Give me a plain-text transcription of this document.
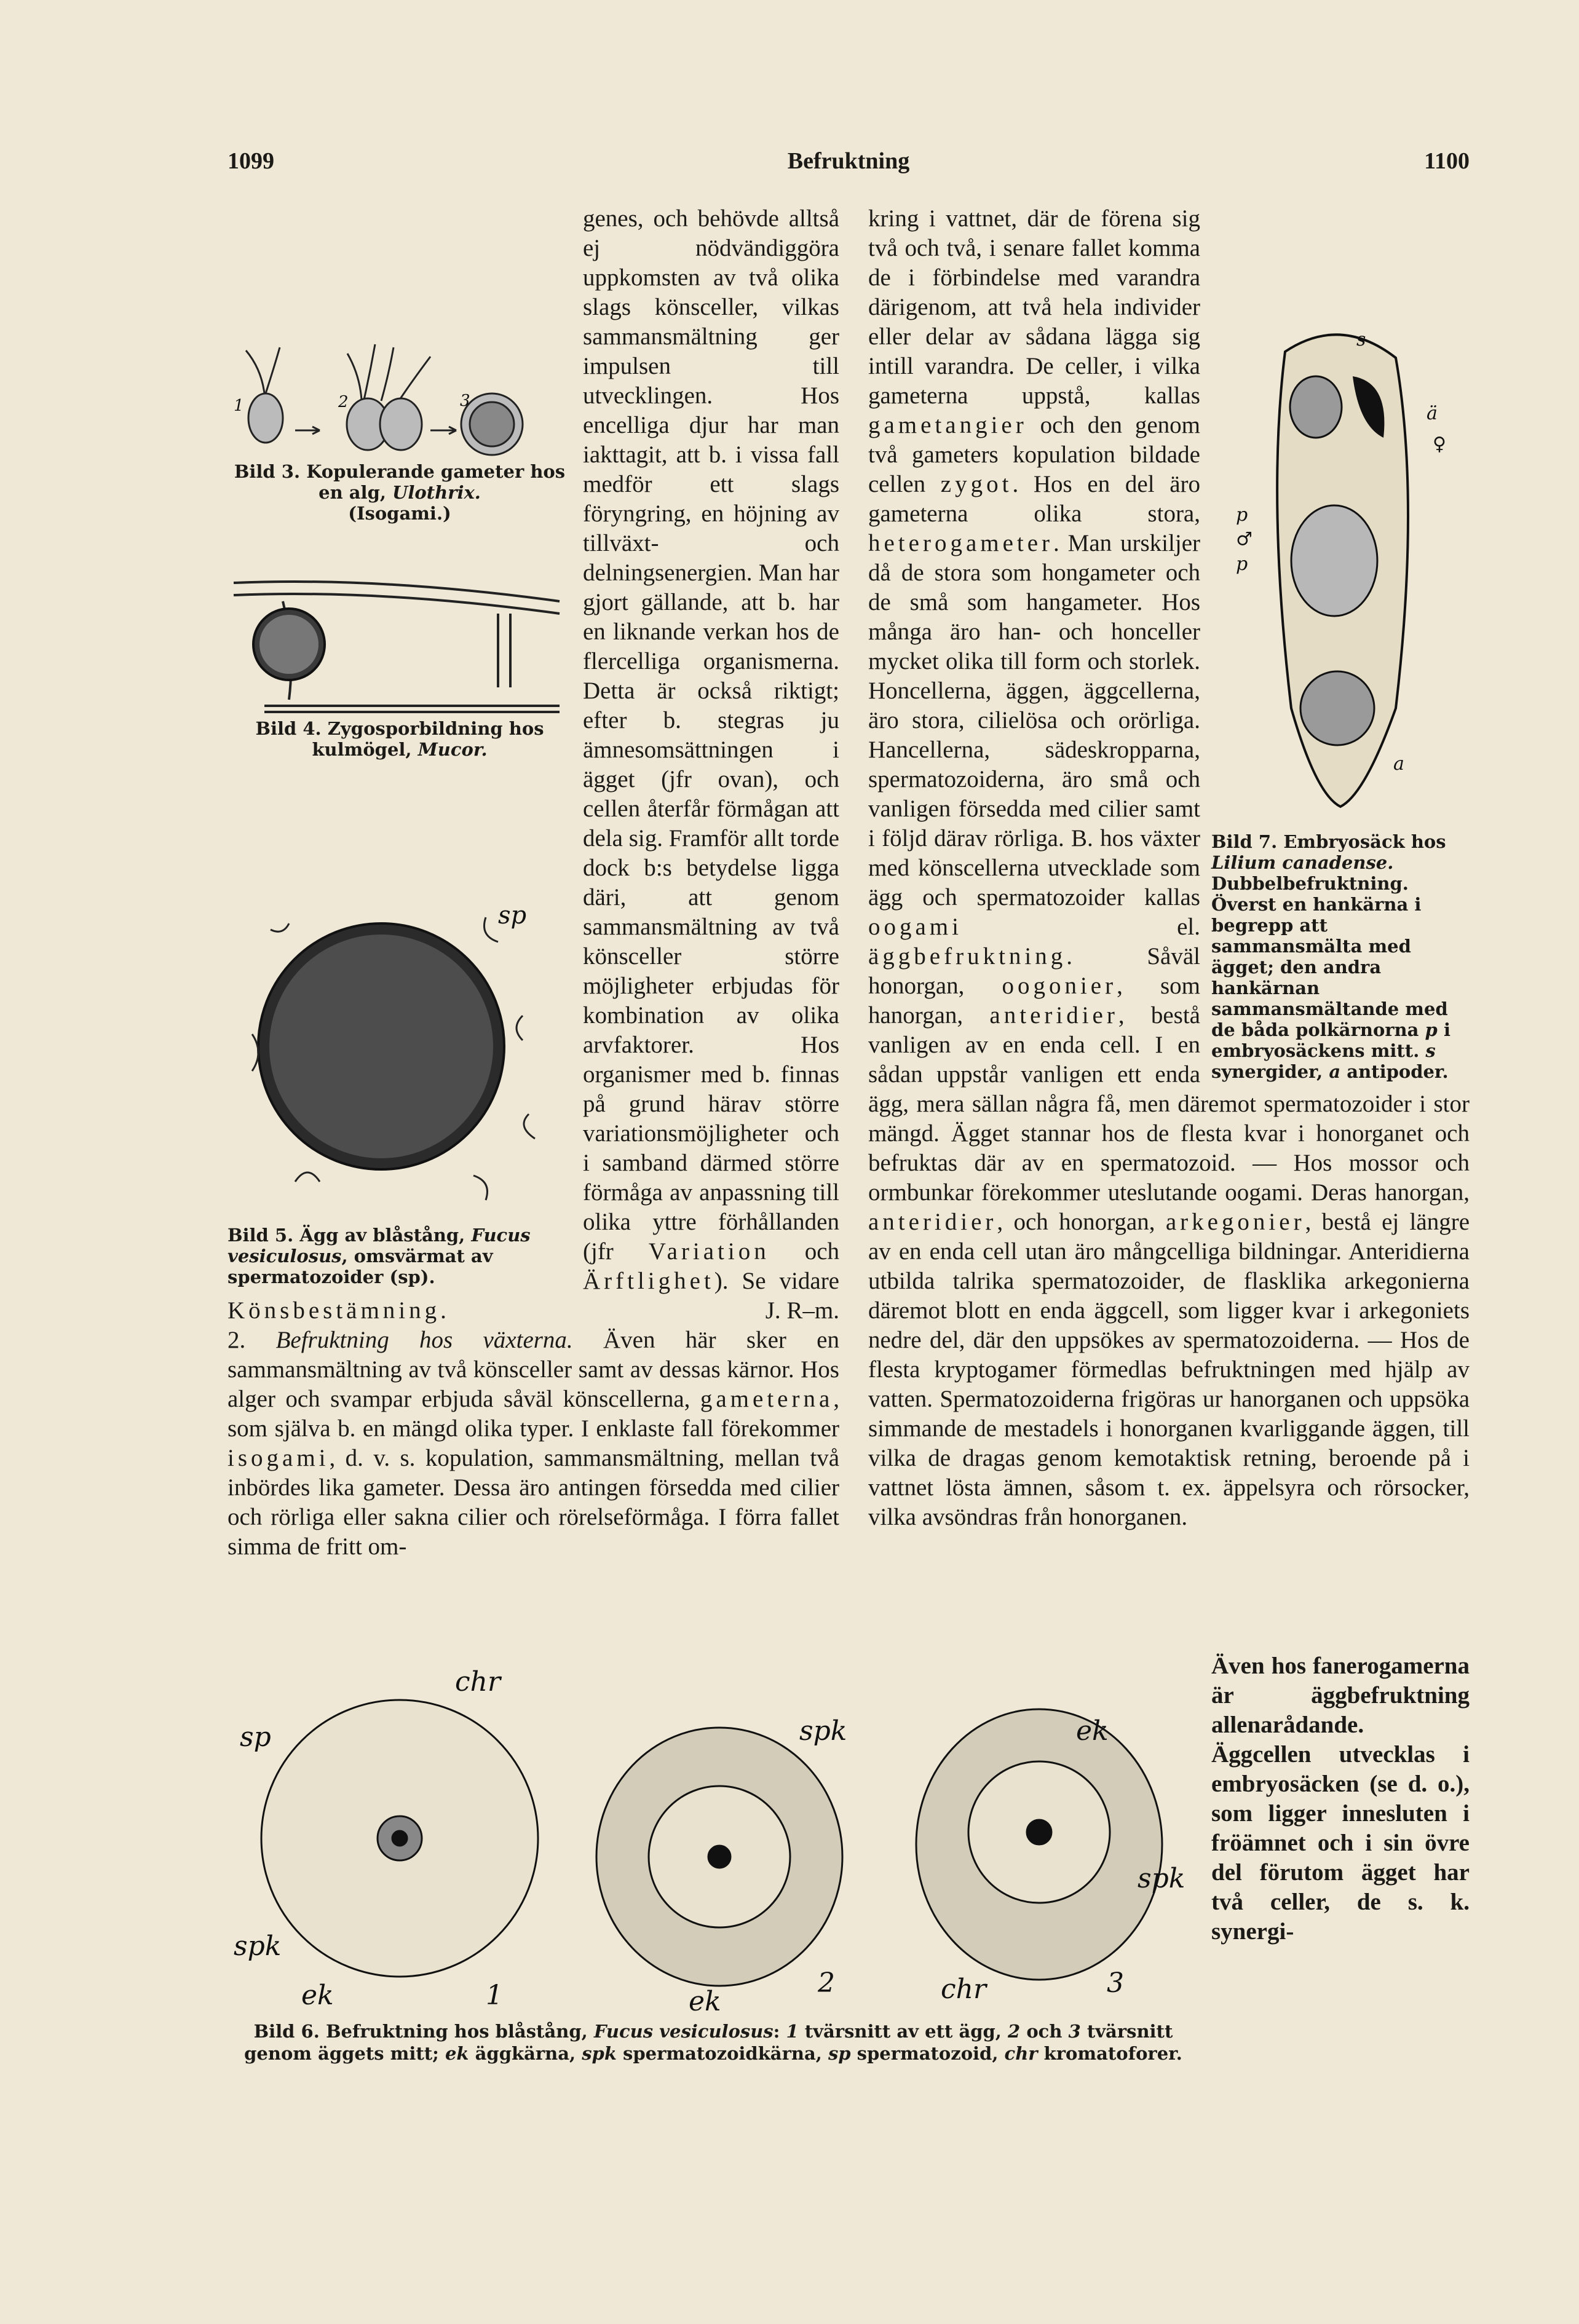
1099	Befruktning	1100
1	2	3
Bild 3. Kopulerande gameter hos en alg, Ulothrix.
(Isogami.)
Bild 4. Zygosporbildning hos kulmögel, Mucor.
sp
Bild 5. Ägg av blåstång, Fucus vesiculosus, omsvärmat av spermatozoider (sp).

genes, och behövde alltså ej nödvändiggöra uppkomsten av två olika slags könsceller, vilkas sammansmältning ger impulsen till utvecklingen. Hos encelliga djur har man iakttagit, att b. i vissa fall medför ett slags föryngring, en höjning av tillväxt- och delningsenergien. Man har gjort gällande, att b. har en liknande verkan hos de flercelliga organismerna. Detta är också riktigt; efter b. stegras ju ämnesomsättningen i ägget (jfr ovan), och cellen återfår förmågan att dela sig. Framför allt torde dock b:s betydelse ligga däri, att genom sammansmältning av två könsceller större möjligheter erbjudas för kombination av olika arvfaktorer. Hos organismer med b. finnas på grund härav större variationsmöjligheter och i samband därmed större förmåga av anpassning till olika yttre förhållanden (jfr Variation och Ärftlighet). Se vidare Könsbestämning.	J. R–m.

2. Befruktning hos växterna. Även här sker en sammansmältning av två könsceller samt av dessas kärnor. Hos alger och svampar erbjuda såväl könscellerna, gameterna, som själva b. en mängd olika typer. I enklaste fall förekommer isogami, d. v. s. kopulation, sammansmältning, mellan två inbördes lika gameter. Dessa äro antingen försedda med cilier och rörliga eller sakna cilier och rörelseförmåga. I förra fallet simma de fritt om-

s
ä
♀
p
♂
p
a
Bild 7. Embryosäck hos Lilium canadense. Dubbelbefruktning. Överst en hankärna i begrepp att sammansmälta med ägget; den andra hankärnan sammansmältande med de båda polkärnorna p i embryosäckens mitt. s synergider, a antipoder.

kring i vattnet, där de förena sig två och två, i senare fallet komma de i förbindelse med varandra därigenom, att två hela individer eller delar av sådana lägga sig intill varandra. De celler, i vilka gameterna uppstå, kallas gametangier och den genom två gameters kopulation bildade cellen zygot. Hos en del äro gameterna olika stora, heterogameter. Man urskiljer då de stora som hongameter och de små som hangameter. Hos många äro han- och honceller mycket olika till form och storlek. Honcellerna, äggen, äggcellerna, äro stora, cilielösa och orörliga. Hancellerna, sädeskropparna, spermatozoiderna, äro små och vanligen försedda med cilier samt i följd därav rörliga. B. hos växter med könscellerna utvecklade som ägg och spermatozoider kallas oogami	el. äggbefruktning. Såväl honorgan, oogonier, som hanorgan, anteridier, bestå vanligen av en enda cell. I en sådan uppstår vanligen ett enda ägg, mera sällan några få, men däremot spermatozoider i stor mängd. Ägget stannar hos de flesta kvar i honorganet och befruktas där av en spermatozoid. — Hos mossor och ormbunkar förekommer uteslutande oogami. Deras hanorgan, anteridier, och honorgan, arkegonier, bestå ej längre av en enda cell utan äro mångcelliga bildningar. Anteridierna utbilda talrika spermatozoider, de flasklika arkegonierna däremot blott en enda äggcell, som ligger kvar i arkegoniets nedre del, där den uppsökes av spermatozoiderna. — Hos de flesta kryptogamer förmedlas befruktningen med hjälp av vatten. Spermatozoiderna frigöras ur hanorganen och uppsöka simmande de mestadels i honorganen kvarliggande äggen, till vilka de dragas genom kemotaktisk retning, beroende på i vattnet lösta ämnen, såsom t. ex. äppelsyra och rörsocker, vilka avsöndras från honorganen.

chr
sp
spk
ek	1
spk
ek
2
ek
spk
chr	3
Bild 6. Befruktning hos blåstång, Fucus vesiculosus: 1 tvärsnitt av ett ägg, 2 och 3 tvärsnitt genom äggets mitt; ek äggkärna, spk spermatozoidkärna, sp spermatozoid, chr kromatoforer.

Även hos fanerogamerna är äggbefruktning allenarådande. Äggcellen utvecklas i embryosäcken (se d. o.), som ligger innesluten i fröämnet och i sin övre del förutom ägget har två celler, de s. k. synergi-
